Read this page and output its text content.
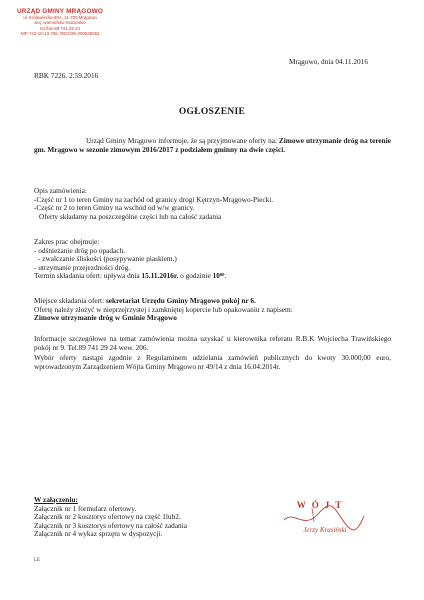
URZĄD GMINY MRĄGOWO
ul. Królewiecka 60A, 11-700 Mrągowo
woj. warmińsko-mazurskie
tel./fax 89 741 29 24
NIP 742-10-13-765, REGON 000535063
Mrągowo, dnia 04.11.2016
RBK 7226. 2.59.2016
OGŁOSZENIE
Urząd Gminy Mrągowo informuje, że są przyjmowane oferty na: Zimowe utrzymanie dróg na terenie gm. Mrągowo w sezonie zimowym 2016/2017 z podziałem gminny na dwie części.
Opis zamówienia:
-Część nr 1 to teren Gminy na zachód od granicy drogi Kętrzyn-Mrągowo-Piecki.
-Część nr 2 to teren Gminy na wschód od w/w granicy.
Oferty składamy na poszczególne części lub na całość zadania
Zakres prac obejmuje:
- odśnieżanie dróg po opadach.
- zwalczanie śliskości (posypywanie piaskiem.)
- utrzymanie przejezdności dróg.
Termin składania ofert: upływa dnia 15.11.2016r. o godzinie $10^{00}$.
Miejsce składania ofert: sekretariat Urzędu Gminy Mrągowo pokój nr 6.
Ofertę należy złożyć w nieprzejrzystej i zamkniętej kopercie lub opakowaniu z napisem:
Zimowe utrzymanie dróg w Gminie Mrągowo
Informacje szczegółowe na temat zamówienia można uzyskać u kierownika referatu R.B.K Wojciecha Trawińskiego pokój nr 9. Tel.89 741 29 24 wew. 206.
Wybór oferty nastąpi zgodnie z Regulaminem udzielania zamówień publicznych do kwoty 30.000,00 euro, wprowadzonym Zarządzeniem Wójta Gminy Mrągowo nr 49/14 z dnia 16.04.2014r.
W załączeniu:
Załącznik nr 1 formularz ofertowy.
Załącznik nr 2 kosztorys ofertowy na część 1lub2.
Załącznik nr 3 kosztorys ofertowy na całość zadania
Załącznik nr 4 wykaz sprzętu w dyspozycji.
WÓJT
Jerzy Krasiński
LE
